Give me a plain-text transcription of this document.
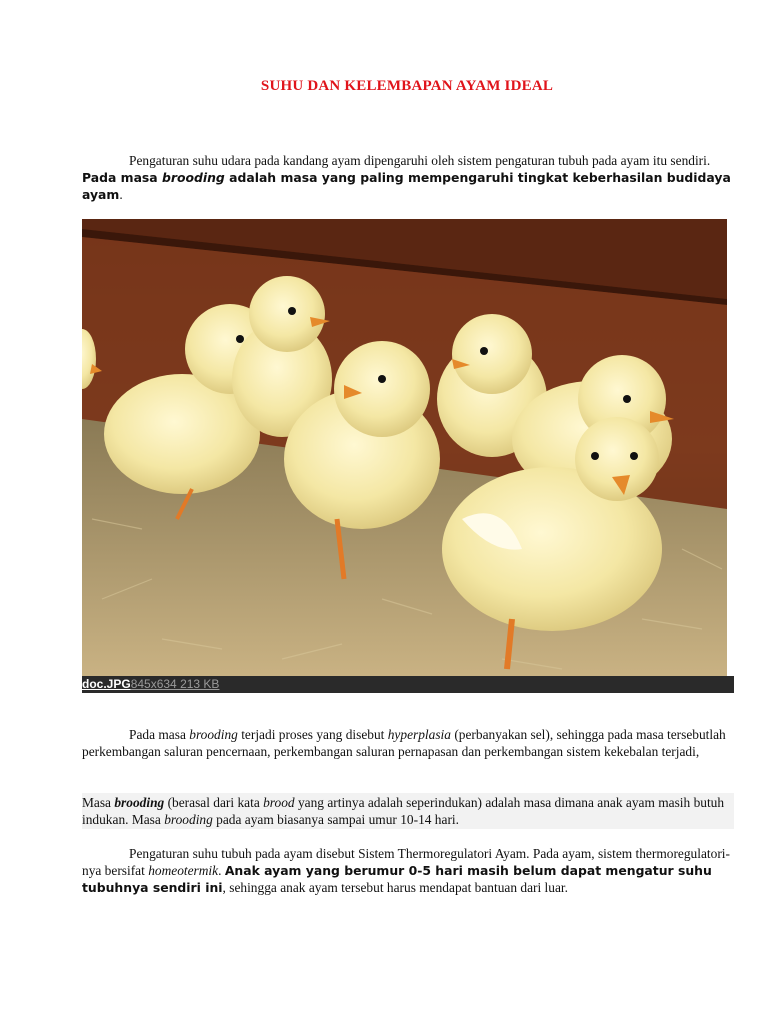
SUHU DAN KELEMBAPAN AYAM IDEAL
Pengaturan suhu udara pada kandang ayam dipengaruhi oleh sistem pengaturan tubuh pada ayam itu sendiri. Pada masa brooding adalah masa yang paling mempengaruhi tingkat keberhasilan budidaya ayam.
doc.JPG845x634 213 KB
Pada masa brooding terjadi proses yang disebut hyperplasia (perbanyakan sel), sehingga pada masa tersebutlah perkembangan saluran pencernaan, perkembangan saluran pernapasan dan perkembangan sistem kekebalan terjadi,
Masa brooding (berasal dari kata brood yang artinya adalah seperindukan) adalah masa dimana anak ayam masih butuh indukan. Masa brooding pada ayam biasanya sampai umur 10-14 hari.
Pengaturan suhu tubuh pada ayam disebut Sistem Thermoregulatori Ayam. Pada ayam, sistem thermoregulatori-nya bersifat homeotermik. Anak ayam yang berumur 0-5 hari masih belum dapat mengatur suhu tubuhnya sendiri ini, sehingga anak ayam tersebut harus mendapat bantuan dari luar.
